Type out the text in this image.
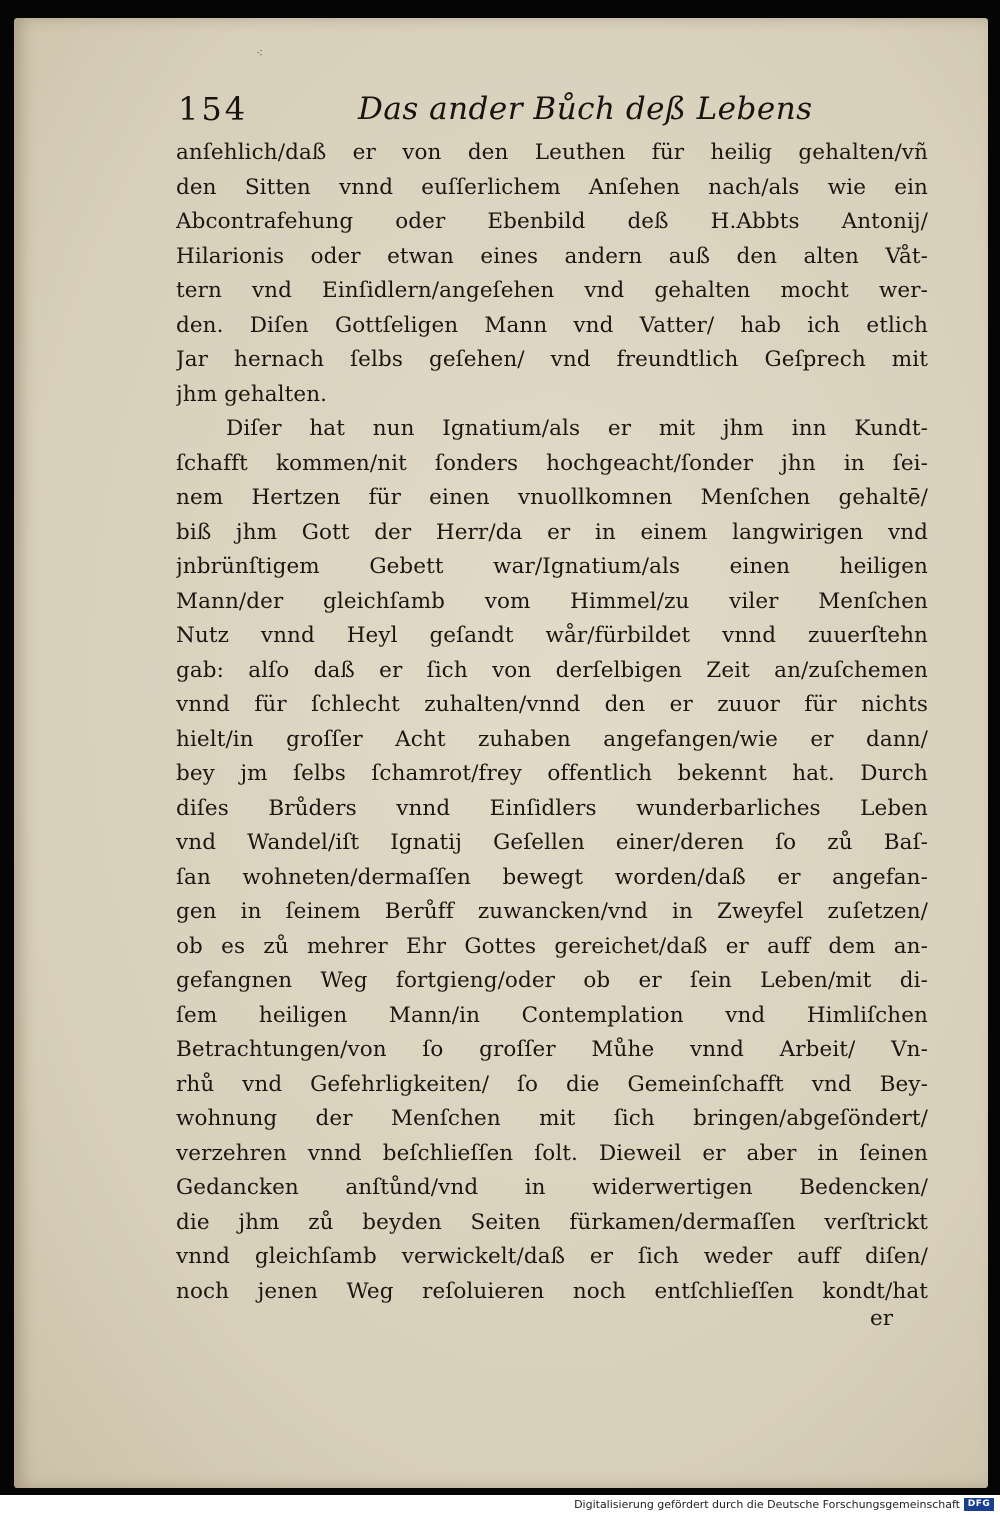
⁖
154	Das ander Bůch deß Lebens
anſehlich/daß er von den Leuthen für heilig gehalten/vñ
den Sitten vnnd euſſerlichem Anſehen nach/als wie ein
Abcontrafehung oder Ebenbild deß H.Abbts Antonij/
Hilarionis oder etwan eines andern auß den alten Våt-
tern vnd Einſidlern/angeſehen vnd gehalten mocht wer-
den. Diſen Gottſeligen Mann vnd Vatter/ hab ich etlich
Jar hernach ſelbs geſehen/ vnd freundtlich Geſprech mit
jhm gehalten.
Diſer hat nun Ignatium/als er mit jhm inn Kundt-
ſchafft kommen/nit ſonders hochgeacht/ſonder jhn in ſei-
nem Hertzen für einen vnuollkomnen Menſchen gehaltē/
biß jhm Gott der Herr/da er in einem langwirigen vnd
jnbrünſtigem Gebett war/Ignatium/als einen heiligen
Mann/der gleichſamb vom Himmel/zu viler Menſchen
Nutz vnnd Heyl geſandt wår/fürbildet vnnd zuuerſtehn
gab: alſo daß er ſich von derſelbigen Zeit an/zuſchemen
vnnd für ſchlecht zuhalten/vnnd den er zuuor für nichts
hielt/in groſſer Acht zuhaben angefangen/wie er dann/
bey jm ſelbs ſchamrot/frey offentlich bekennt hat. Durch
diſes Brůders vnnd Einſidlers wunderbarliches Leben
vnd Wandel/iſt Ignatij Geſellen einer/deren ſo zů Baſ-
ſan wohneten/dermaſſen bewegt worden/daß er angefan-
gen in ſeinem Berůff zuwancken/vnd in Zweyfel zuſetzen/
ob es zů mehrer Ehr Gottes gereichet/daß er auff dem an-
gefangnen Weg fortgieng/oder ob er ſein Leben/mit di-
ſem heiligen Mann/in Contemplation vnd Himliſchen
Betrachtungen/von ſo groſſer Můhe vnnd Arbeit/ Vn-
rhů vnd Gefehrligkeiten/ ſo die Gemeinſchafft vnd Bey-
wohnung der Menſchen mit ſich bringen/abgeſöndert/
verzehren vnnd beſchlieſſen ſolt. Dieweil er aber in ſeinen
Gedancken anſtůnd/vnd in widerwertigen Bedencken/
die jhm zů beyden Seiten fürkamen/dermaſſen verſtrickt
vnnd gleichſamb verwickelt/daß er ſich weder auff diſen/
noch jenen Weg reſoluieren noch entſchlieſſen kondt/hat
er
Digitalisierung gefördert durch die Deutsche Forschungsgemeinschaft DFG
